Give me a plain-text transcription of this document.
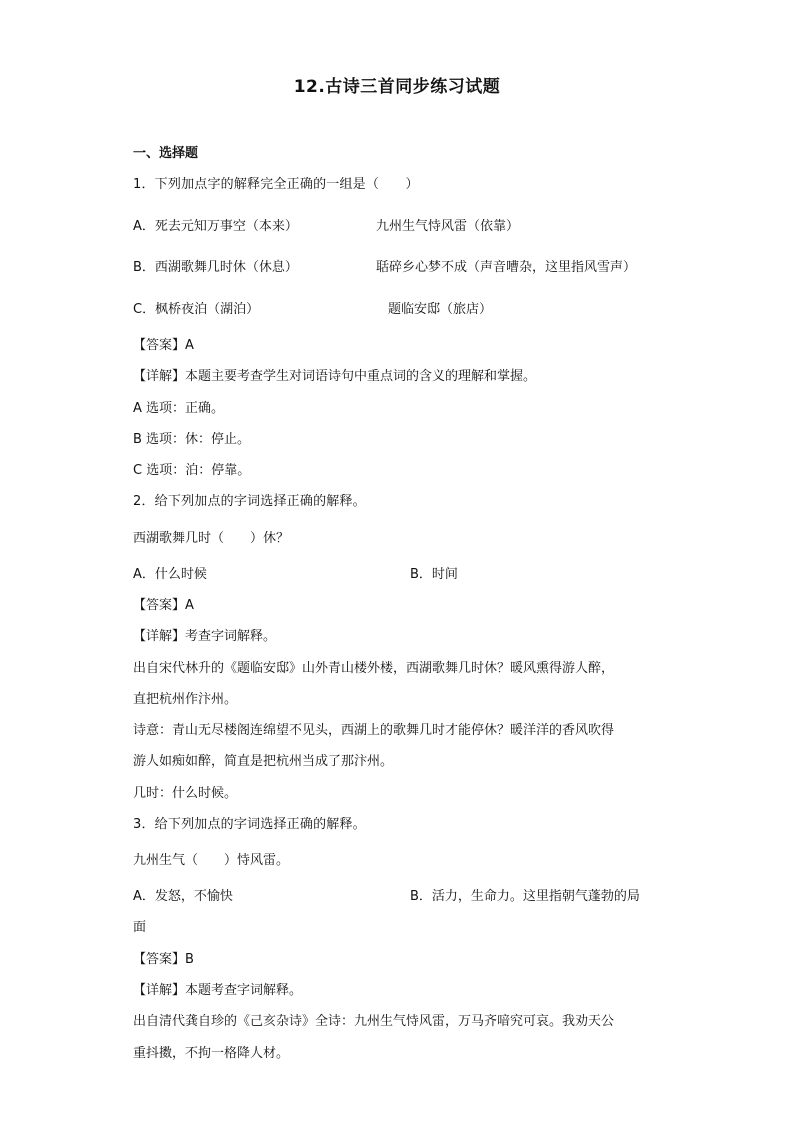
12.古诗三首同步练习试题
一、选择题
1．下列加点字的解释完全正确的一组是（　　）
A．死去元知万事空（本来）	九州生气恃风雷（依靠）
B．西湖歌舞几时休（休息）	聒碎乡心梦不成（声音嘈杂，这里指风雪声）
C．枫桥夜泊（湖泊）	题临安邸（旅店）
【答案】A
【详解】本题主要考查学生对词语诗句中重点词的含义的理解和掌握。
A 选项：正确。
B 选项：休：停止。
C 选项：泊：停靠。
2．给下列加点的字词选择正确的解释。
西湖歌舞几时（　　）休？
A．什么时候	B．时间
【答案】A
【详解】考查字词解释。
出自宋代林升的《题临安邸》山外青山楼外楼，西湖歌舞几时休？暖风熏得游人醉，
直把杭州作汴州。
诗意：青山无尽楼阁连绵望不见头，西湖上的歌舞几时才能停休？暖洋洋的香风吹得
游人如痴如醉，简直是把杭州当成了那汴州。
几时：什么时候。
3．给下列加点的字词选择正确的解释。
九州生气（　　）恃风雷。
A．发怒，不愉快	B．活力，生命力。这里指朝气蓬勃的局
面
【答案】B
【详解】本题考查字词解释。
出自清代龚自珍的《己亥杂诗》全诗：九州生气恃风雷，万马齐喑究可哀。我劝天公
重抖擞，不拘一格降人材。
